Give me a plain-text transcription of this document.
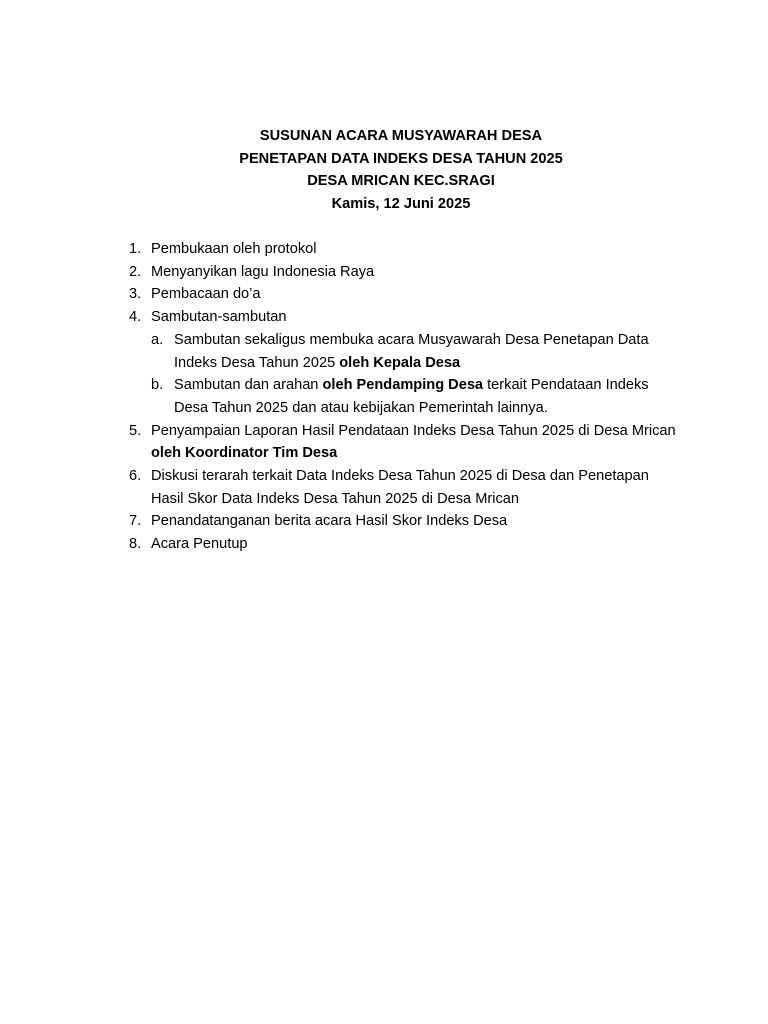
SUSUNAN ACARA MUSYAWARAH DESA
PENETAPAN DATA INDEKS DESA TAHUN 2025
DESA MRICAN KEC.SRAGI
Kamis, 12 Juni 2025
1. Pembukaan oleh protokol
2. Menyanyikan lagu Indonesia Raya
3. Pembacaan do’a
4. Sambutan-sambutan
a. Sambutan sekaligus membuka acara Musyawarah Desa Penetapan Data
Indeks Desa Tahun 2025 oleh Kepala Desa
b. Sambutan dan arahan oleh Pendamping Desa terkait Pendataan Indeks
Desa Tahun 2025 dan atau kebijakan Pemerintah lainnya.
5. Penyampaian Laporan Hasil Pendataan Indeks Desa Tahun 2025 di Desa Mrican
oleh Koordinator Tim Desa
6. Diskusi terarah terkait Data Indeks Desa Tahun 2025 di Desa dan Penetapan
Hasil Skor Data Indeks Desa Tahun 2025 di Desa Mrican
7. Penandatanganan berita acara Hasil Skor Indeks Desa
8. Acara Penutup
